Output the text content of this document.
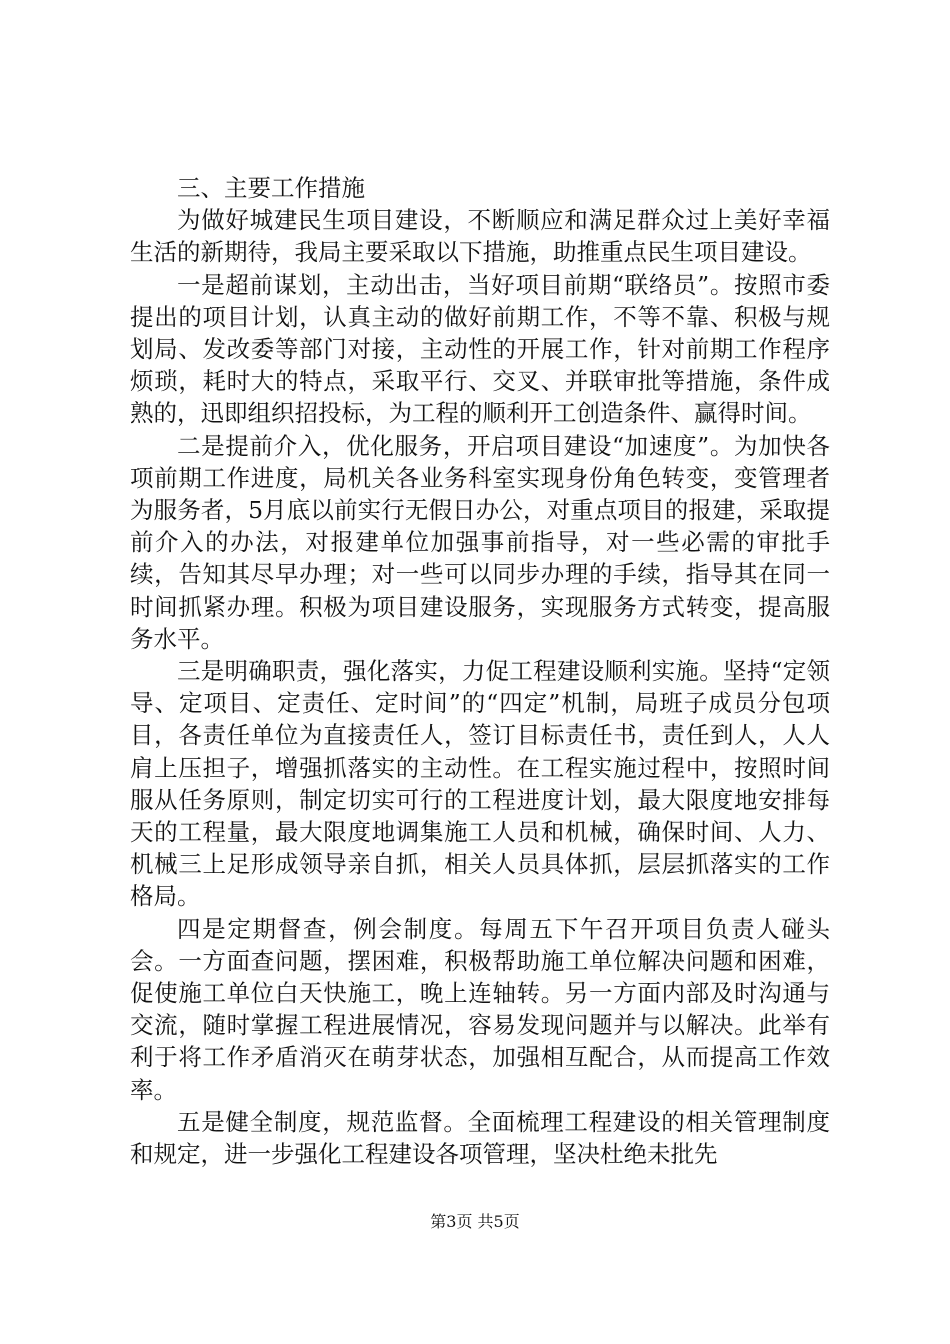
三、主要工作措施

为做好城建民生项目建设，不断顺应和满足群众过上美好幸福生活的新期待，我局主要采取以下措施，助推重点民生项目建设。

一是超前谋划，主动出击，当好项目前期“联络员”。按照市委提出的项目计划，认真主动的做好前期工作，不等不靠、积极与规划局、发改委等部门对接，主动性的开展工作，针对前期工作程序烦琐，耗时大的特点，采取平行、交叉、并联审批等措施，条件成熟的，迅即组织招投标，为工程的顺利开工创造条件、赢得时间。

二是提前介入，优化服务，开启项目建设“加速度”。为加快各项前期工作进度，局机关各业务科室实现身份角色转变，变管理者为服务者，5月底以前实行无假日办公，对重点项目的报建，采取提前介入的办法，对报建单位加强事前指导，对一些必需的审批手续，告知其尽早办理；对一些可以同步办理的手续，指导其在同一时间抓紧办理。积极为项目建设服务，实现服务方式转变，提高服务水平。

三是明确职责，强化落实，力促工程建设顺利实施。坚持“定领导、定项目、定责任、定时间”的“四定”机制，局班子成员分包项目，各责任单位为直接责任人，签订目标责任书，责任到人，人人肩上压担子，增强抓落实的主动性。在工程实施过程中，按照时间服从任务原则，制定切实可行的工程进度计划，最大限度地安排每天的工程量，最大限度地调集施工人员和机械，确保时间、人力、机械三上足形成领导亲自抓，相关人员具体抓，层层抓落实的工作格局。

四是定期督查，例会制度。每周五下午召开项目负责人碰头会。一方面查问题，摆困难，积极帮助施工单位解决问题和困难，促使施工单位白天快施工，晚上连轴转。另一方面内部及时沟通与交流，随时掌握工程进展情况，容易发现问题并与以解决。此举有利于将工作矛盾消灭在萌芽状态，加强相互配合，从而提高工作效率。

五是健全制度，规范监督。全面梳理工程建设的相关管理制度和规定，进一步强化工程建设各项管理，坚决杜绝未批先

第3页 共5页
